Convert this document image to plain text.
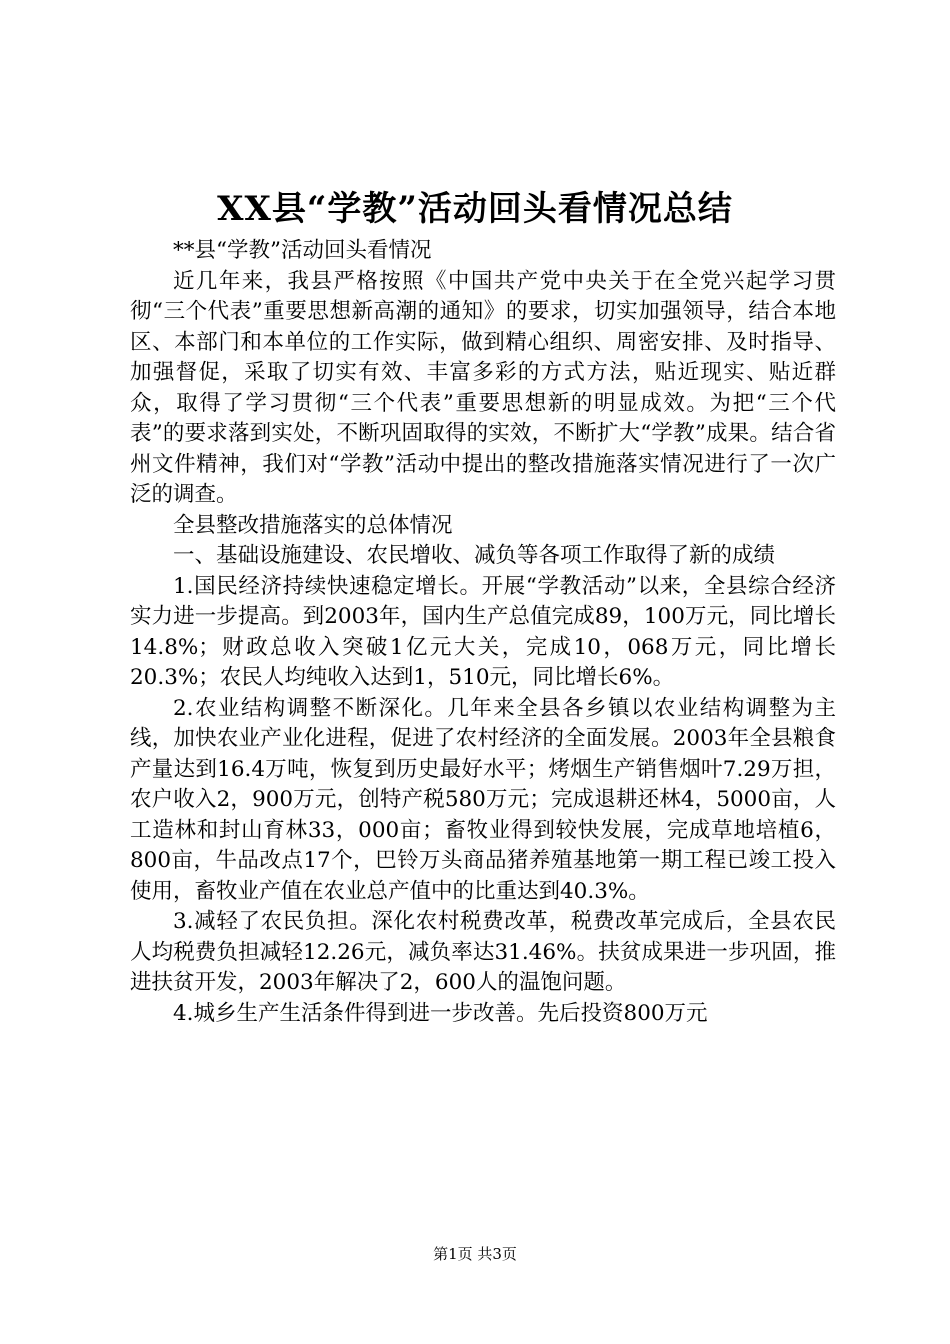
XX县“学教”活动回头看情况总结

**县“学教”活动回头看情况

近几年来，我县严格按照《中国共产党中央关于在全党兴起学习贯彻“三个代表”重要思想新高潮的通知》的要求，切实加强领导，结合本地区、本部门和本单位的工作实际，做到精心组织、周密安排、及时指导、加强督促，采取了切实有效、丰富多彩的方式方法，贴近现实、贴近群众，取得了学习贯彻“三个代表”重要思想新的明显成效。为把“三个代表”的要求落到实处，不断巩固取得的实效，不断扩大“学教”成果。结合省州文件精神，我们对“学教”活动中提出的整改措施落实情况进行了一次广泛的调查。

全县整改措施落实的总体情况

一、基础设施建设、农民增收、减负等各项工作取得了新的成绩

1.国民经济持续快速稳定增长。开展“学教活动”以来，全县综合经济实力进一步提高。到2003年，国内生产总值完成89，100万元，同比增长14.8%；财政总收入突破1亿元大关，完成10，068万元，同比增长20.3%；农民人均纯收入达到1，510元，同比增长6%。

2.农业结构调整不断深化。几年来全县各乡镇以农业结构调整为主线，加快农业产业化进程，促进了农村经济的全面发展。2003年全县粮食产量达到16.4万吨，恢复到历史最好水平；烤烟生产销售烟叶7.29万担，农户收入2，900万元，创特产税580万元；完成退耕还林4，5000亩，人工造林和封山育林33，000亩；畜牧业得到较快发展，完成草地培植6，800亩，牛品改点17个，巴铃万头商品猪养殖基地第一期工程已竣工投入使用，畜牧业产值在农业总产值中的比重达到40.3%。

3.减轻了农民负担。深化农村税费改革，税费改革完成后，全县农民人均税费负担减轻12.26元，减负率达31.46%。扶贫成果进一步巩固，推进扶贫开发，2003年解决了2，600人的温饱问题。

4.城乡生产生活条件得到进一步改善。先后投资800万元

第1页 共3页
